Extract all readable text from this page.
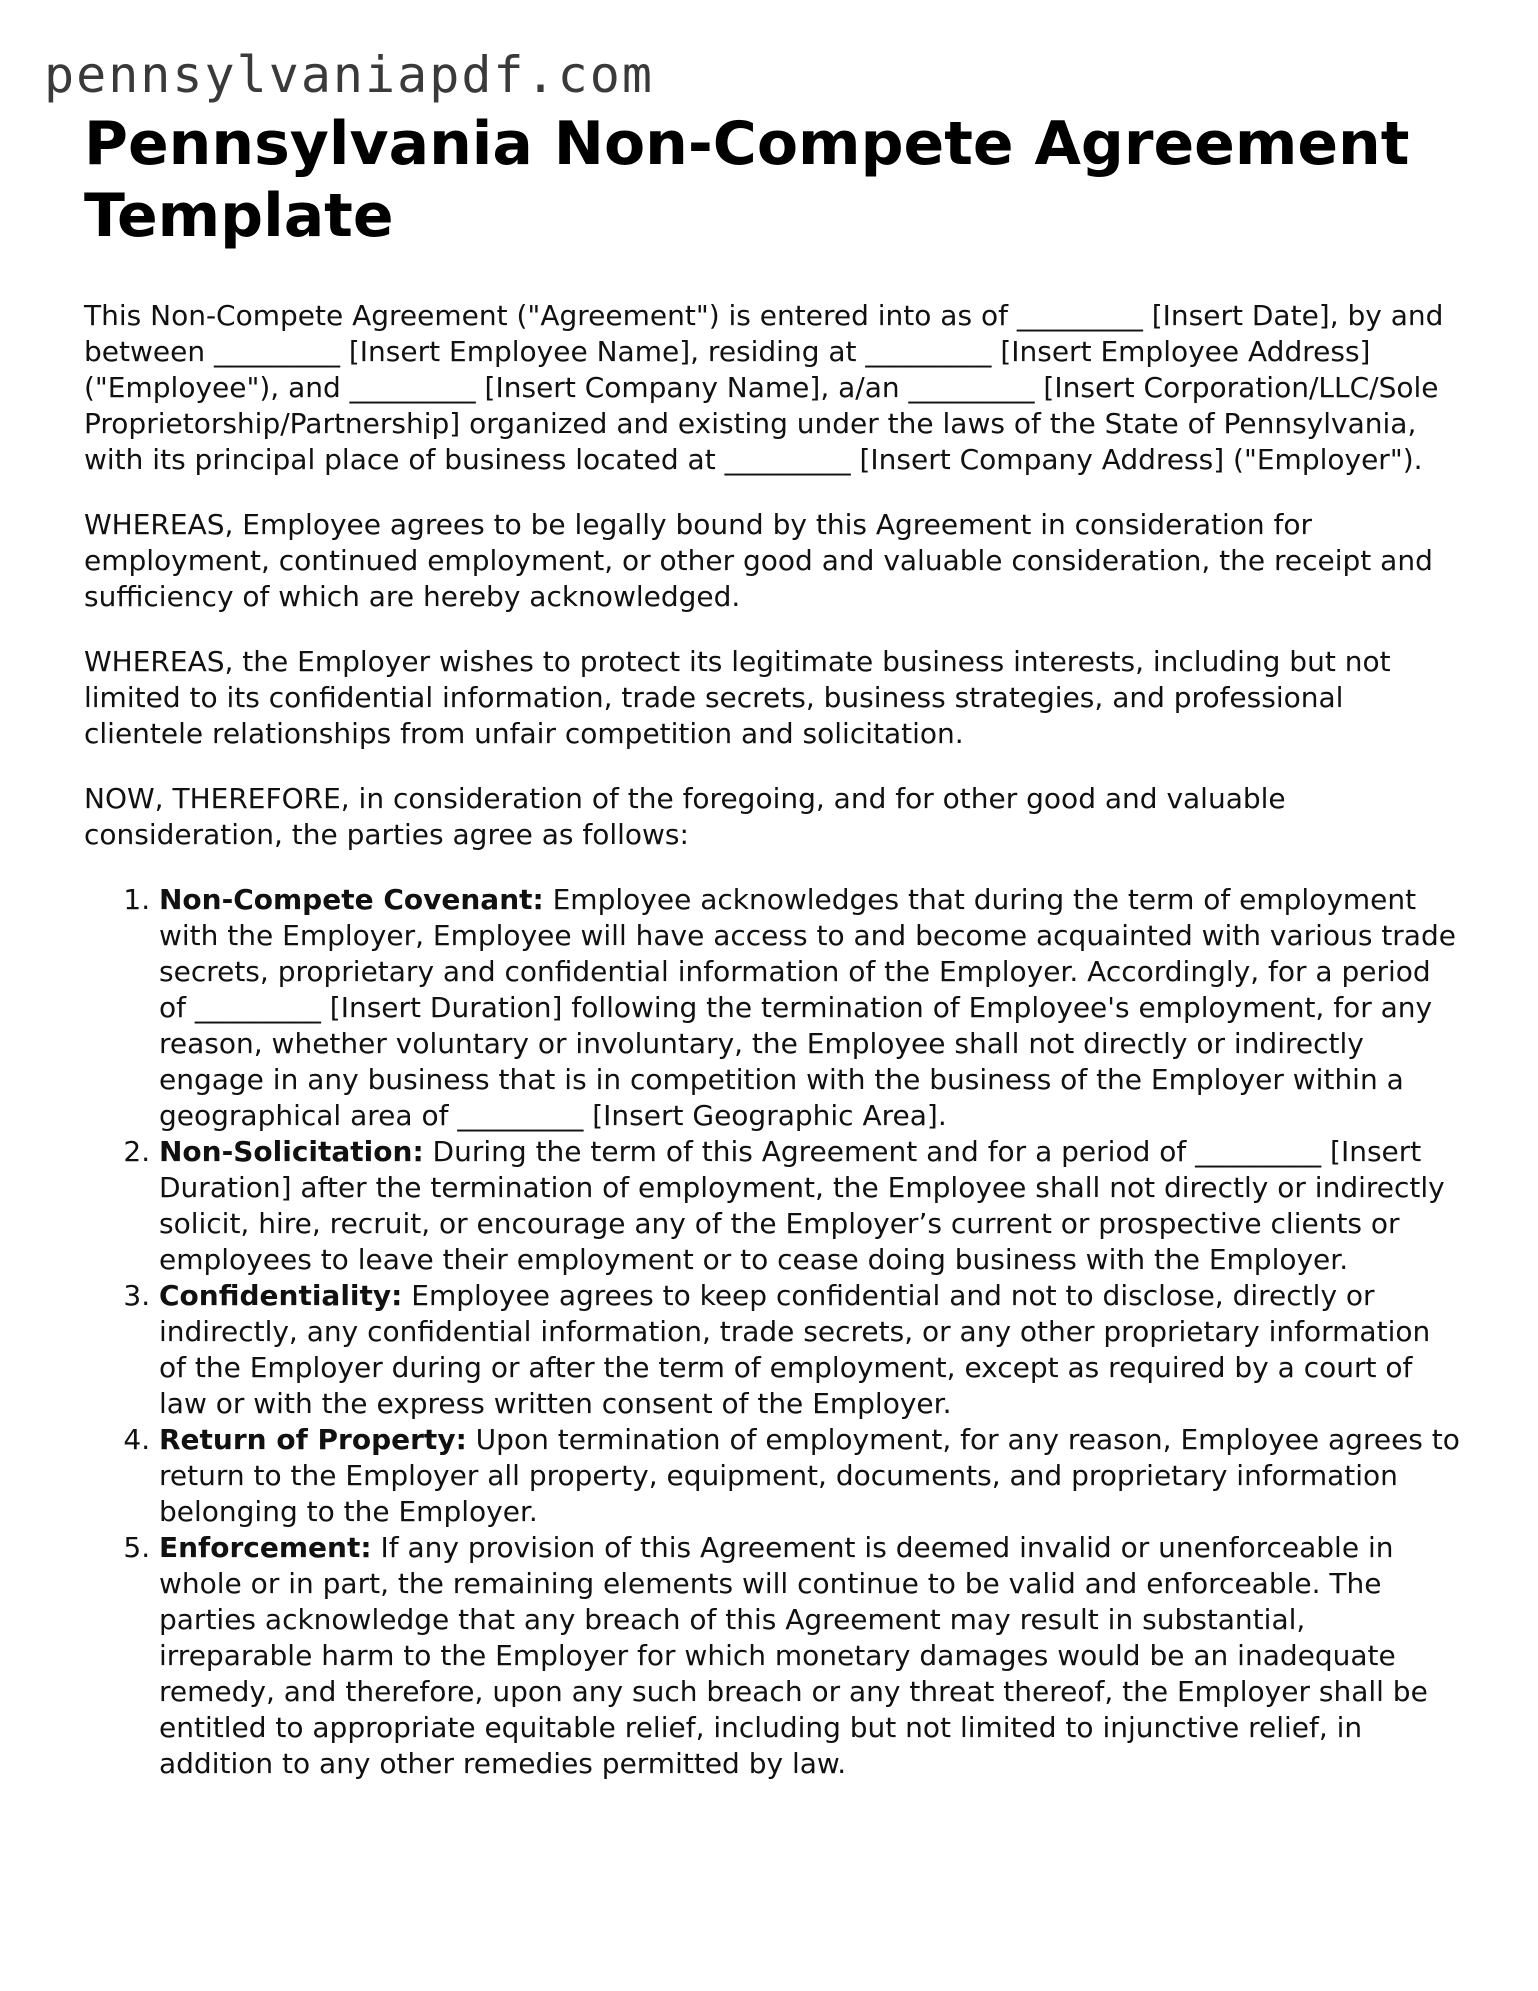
pennsylvaniapdf.com
Pennsylvania Non-Compete Agreement Template

This Non-Compete Agreement ("Agreement") is entered into as of _________ [Insert Date], by and between _________ [Insert Employee Name], residing at _________ [Insert Employee Address] ("Employee"), and _________ [Insert Company Name], a/an _________ [Insert Corporation/LLC/Sole Proprietorship/Partnership] organized and existing under the laws of the State of Pennsylvania, with its principal place of business located at _________ [Insert Company Address] ("Employer").

WHEREAS, Employee agrees to be legally bound by this Agreement in consideration for employment, continued employment, or other good and valuable consideration, the receipt and sufficiency of which are hereby acknowledged.

WHEREAS, the Employer wishes to protect its legitimate business interests, including but not limited to its confidential information, trade secrets, business strategies, and professional clientele relationships from unfair competition and solicitation.

NOW, THEREFORE, in consideration of the foregoing, and for other good and valuable consideration, the parties agree as follows:

1. Non-Compete Covenant: Employee acknowledges that during the term of employment with the Employer, Employee will have access to and become acquainted with various trade secrets, proprietary and confidential information of the Employer. Accordingly, for a period of _________ [Insert Duration] following the termination of Employee's employment, for any reason, whether voluntary or involuntary, the Employee shall not directly or indirectly engage in any business that is in competition with the business of the Employer within a geographical area of _________ [Insert Geographic Area].
2. Non-Solicitation: During the term of this Agreement and for a period of _________ [Insert Duration] after the termination of employment, the Employee shall not directly or indirectly solicit, hire, recruit, or encourage any of the Employer’s current or prospective clients or employees to leave their employment or to cease doing business with the Employer.
3. Confidentiality: Employee agrees to keep confidential and not to disclose, directly or indirectly, any confidential information, trade secrets, or any other proprietary information of the Employer during or after the term of employment, except as required by a court of law or with the express written consent of the Employer.
4. Return of Property: Upon termination of employment, for any reason, Employee agrees to return to the Employer all property, equipment, documents, and proprietary information belonging to the Employer.
5. Enforcement: If any provision of this Agreement is deemed invalid or unenforceable in whole or in part, the remaining elements will continue to be valid and enforceable. The parties acknowledge that any breach of this Agreement may result in substantial, irreparable harm to the Employer for which monetary damages would be an inadequate remedy, and therefore, upon any such breach or any threat thereof, the Employer shall be entitled to appropriate equitable relief, including but not limited to injunctive relief, in addition to any other remedies permitted by law.
